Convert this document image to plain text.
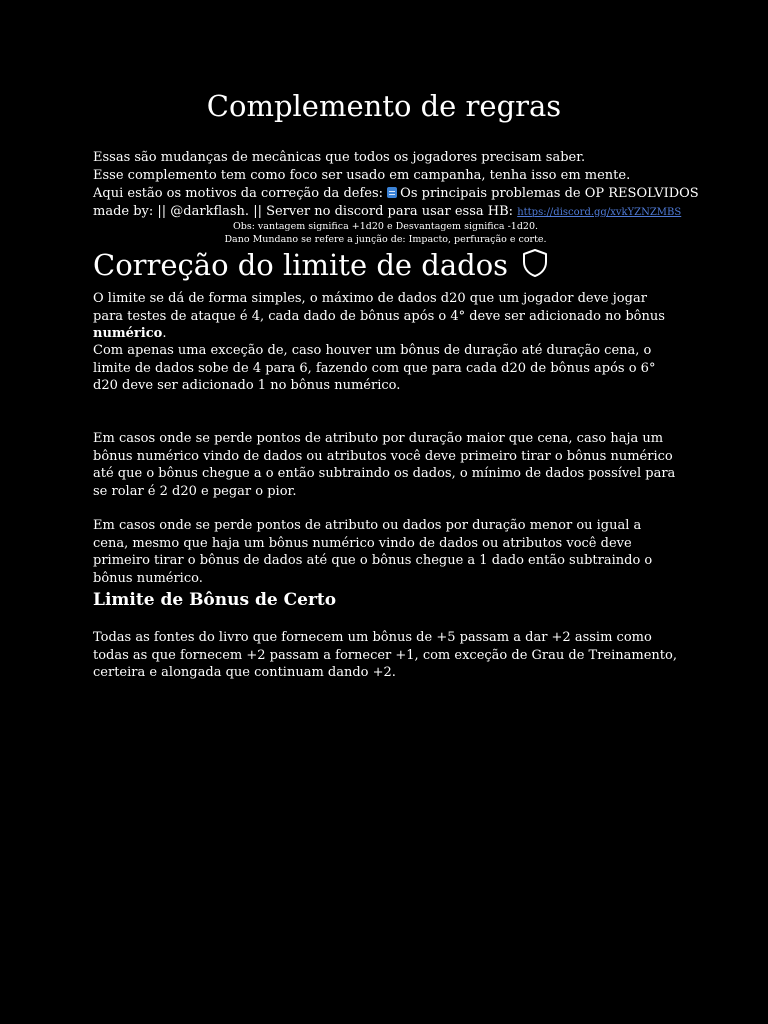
Complemento de regras

Essas são mudanças de mecânicas que todos os jogadores precisam saber.

Esse complemento tem como foco ser usado em campanha, tenha isso em mente.

Aqui estão os motivos da correção da defes: Os principais problemas de OP RESOLVIDOS

made by: || @darkflash. || Server no discord para usar essa HB: https://discord.gg/xvkYZNZMBS

Obs: vantagem significa +1d20 e Desvantagem significa -1d20.

Dano Mundano se refere a junção de: Impacto, perfuração e corte.

Correção do limite de dados

O limite se dá de forma simples, o máximo de dados d20 que um jogador deve jogar para testes de ataque é 4, cada dado de bônus após o 4° deve ser adicionado no bônus numérico.

Com apenas uma exceção de, caso houver um bônus de duração até duração cena, o limite de dados sobe de 4 para 6, fazendo com que para cada d20 de bônus após o 6° d20 deve ser adicionado 1 no bônus numérico.

Em casos onde se perde pontos de atributo por duração maior que cena, caso haja um bônus numérico vindo de dados ou atributos você deve primeiro tirar o bônus numérico até que o bônus chegue a o então subtraindo os dados, o mínimo de dados possível para se rolar é 2 d20 e pegar o pior.

Em casos onde se perde pontos de atributo ou dados por duração menor ou igual a cena, mesmo que haja um bônus numérico vindo de dados ou atributos você deve primeiro tirar o bônus de dados até que o bônus chegue a 1 dado então subtraindo o bônus numérico.

Limite de Bônus de Certo

Todas as fontes do livro que fornecem um bônus de +5 passam a dar +2 assim como todas as que fornecem +2 passam a fornecer +1, com exceção de Grau de Treinamento, certeira e alongada que continuam dando +2.
